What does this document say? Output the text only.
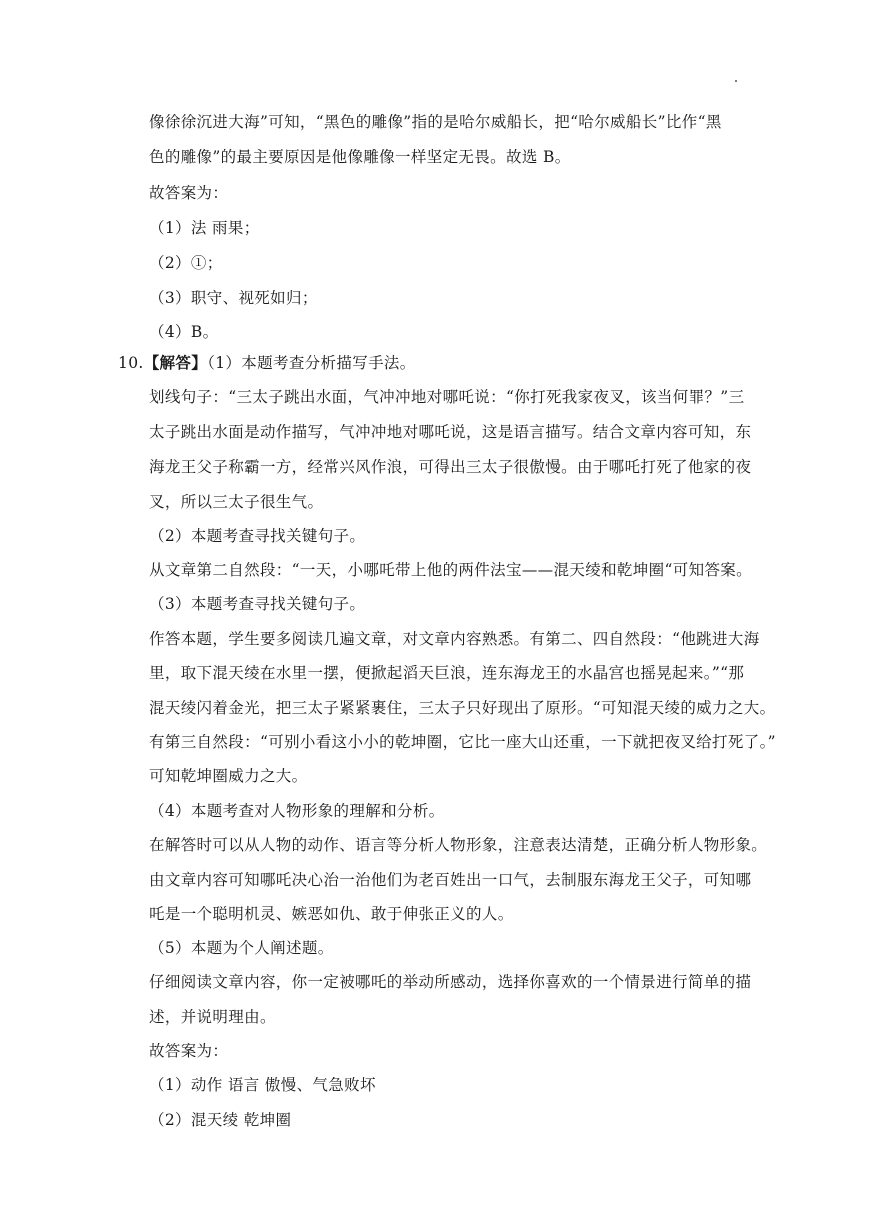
像徐徐沉进大海”可知，“黑色的雕像”指的是哈尔威船长，把“哈尔威船长”比作“黑
色的雕像”的最主要原因是他像雕像一样坚定无畏。故选 B。
故答案为：
（1）法 雨果；
（2）①；
（3）职守、视死如归；
（4）B。
10.【解答】（1）本题考查分析描写手法。
划线句子：“三太子跳出水面，气冲冲地对哪吒说：“你打死我家夜叉，该当何罪？”三
太子跳出水面是动作描写，气冲冲地对哪吒说，这是语言描写。结合文章内容可知，东
海龙王父子称霸一方，经常兴风作浪，可得出三太子很傲慢。由于哪吒打死了他家的夜
叉，所以三太子很生气。
（2）本题考查寻找关键句子。
从文章第二自然段：“一天，小哪吒带上他的两件法宝——混天绫和乾坤圈“可知答案。
（3）本题考查寻找关键句子。
作答本题，学生要多阅读几遍文章，对文章内容熟悉。有第二、四自然段：“他跳进大海
里，取下混天绫在水里一摆，便掀起滔天巨浪，连东海龙王的水晶宫也摇晃起来。”“那
混天绫闪着金光，把三太子紧紧裹住，三太子只好现出了原形。“可知混天绫的威力之大。
有第三自然段：“可别小看这小小的乾坤圈，它比一座大山还重，一下就把夜叉给打死了。”
可知乾坤圈威力之大。
（4）本题考查对人物形象的理解和分析。
在解答时可以从人物的动作、语言等分析人物形象，注意表达清楚，正确分析人物形象。
由文章内容可知哪吒决心治一治他们为老百姓出一口气，去制服东海龙王父子，可知哪
吒是一个聪明机灵、嫉恶如仇、敢于伸张正义的人。
（5）本题为个人阐述题。
仔细阅读文章内容，你一定被哪吒的举动所感动，选择你喜欢的一个情景进行简单的描
述，并说明理由。
故答案为：
（1）动作 语言 傲慢、气急败坏
（2）混天绫 乾坤圈
